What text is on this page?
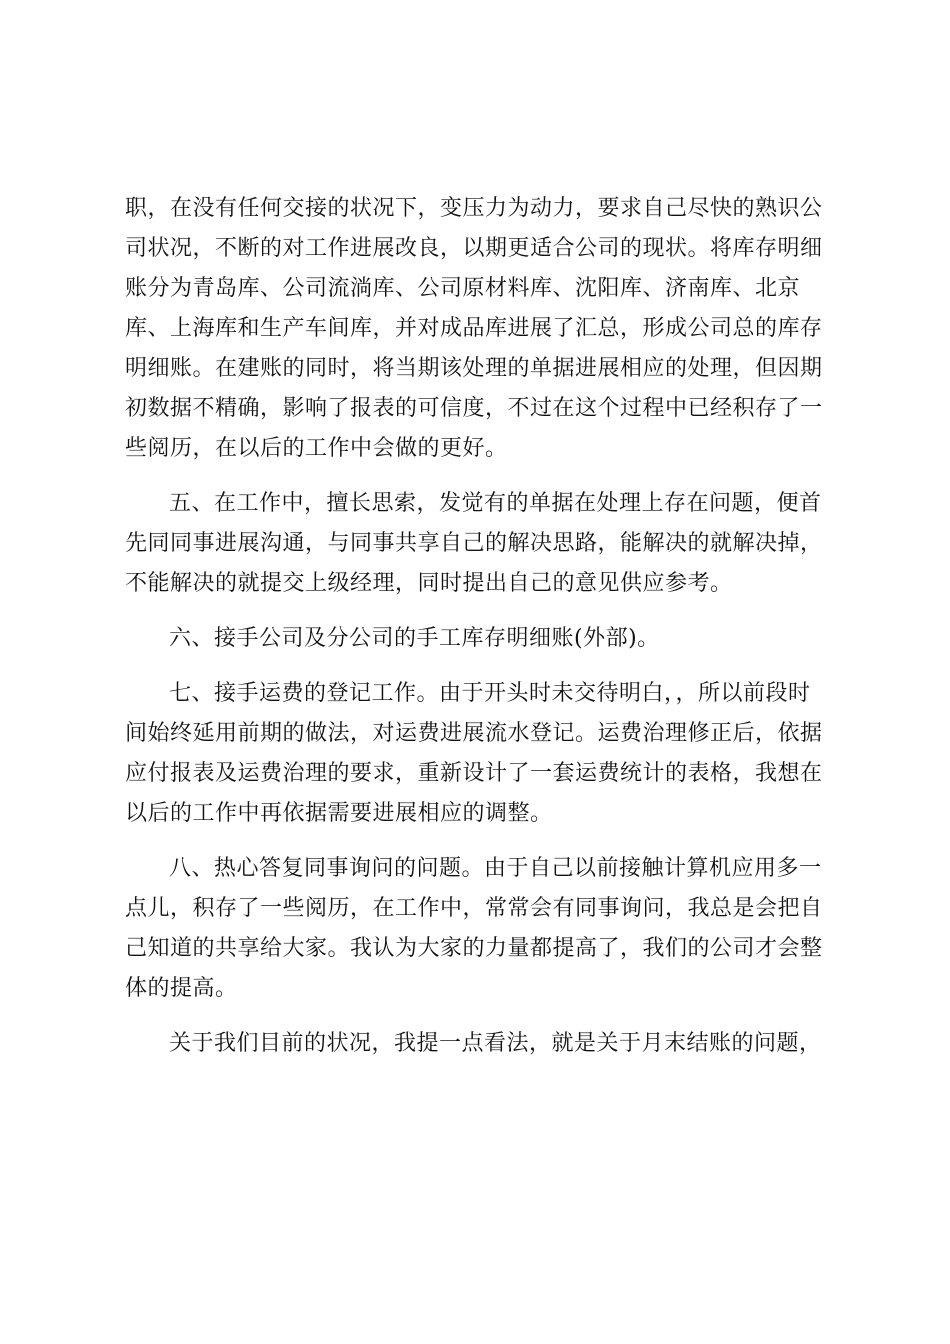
职，在没有任何交接的状况下，变压力为动力，要求自己尽快的熟识公
司状况，不断的对工作进展改良，以期更适合公司的现状。将库存明细
账分为青岛库、公司流淌库、公司原材料库、沈阳库、济南库、北京
库、上海库和生产车间库，并对成品库进展了汇总，形成公司总的库存
明细账。在建账的同时，将当期该处理的单据进展相应的处理，但因期
初数据不精确，影响了报表的可信度，不过在这个过程中已经积存了一
些阅历，在以后的工作中会做的更好。
五、在工作中，擅长思索，发觉有的单据在处理上存在问题，便首
先同同事进展沟通，与同事共享自己的解决思路，能解决的就解决掉，
不能解决的就提交上级经理，同时提出自己的意见供应参考。
六、接手公司及分公司的手工库存明细账(外部)。
七、接手运费的登记工作。由于开头时未交待明白，，所以前段时
间始终延用前期的做法，对运费进展流水登记。运费治理修正后，依据
应付报表及运费治理的要求，重新设计了一套运费统计的表格，我想在
以后的工作中再依据需要进展相应的调整。
八、热心答复同事询问的问题。由于自己以前接触计算机应用多一
点儿，积存了一些阅历，在工作中，常常会有同事询问，我总是会把自
己知道的共享给大家。我认为大家的力量都提高了，我们的公司才会整
体的提高。
关于我们目前的状况，我提一点看法，就是关于月末结账的问题，
